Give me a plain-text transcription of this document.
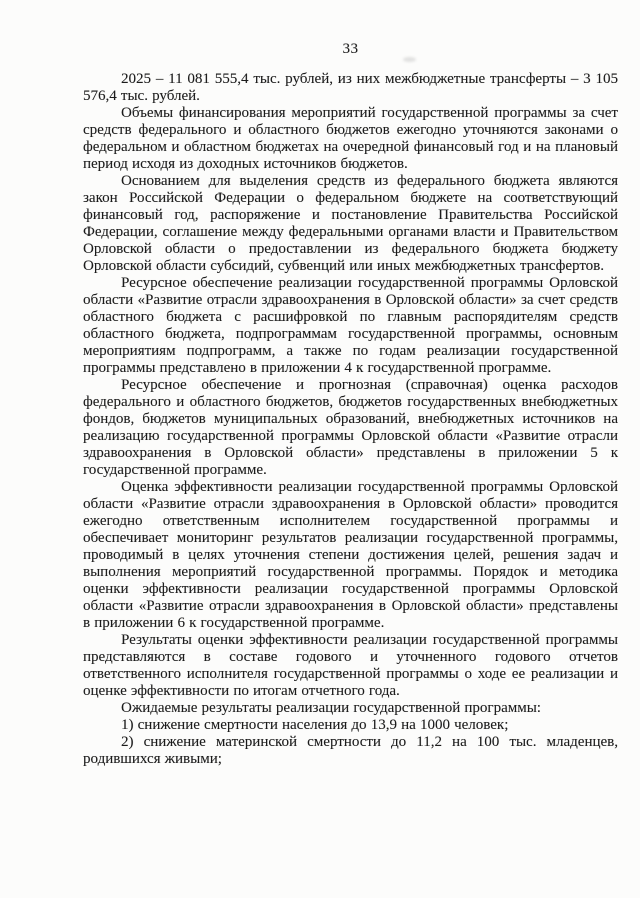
33

2025 – 11 081 555,4 тыс. рублей, из них межбюджетные трансферты – 3 105 576,4 тыс. рублей.

Объемы финансирования мероприятий государственной программы за счет средств федерального и областного бюджетов ежегодно уточняются законами о федеральном и областном бюджетах на очередной финансовый год и на плановый период исходя из доходных источников бюджетов.

Основанием для выделения средств из федерального бюджета являются закон Российской Федерации о федеральном бюджете на соответствующий финансовый год, распоряжение и постановление Правительства Российской Федерации, соглашение между федеральными органами власти и Правительством Орловской области о предоставлении из федерального бюджета бюджету Орловской области субсидий, субвенций или иных межбюджетных трансфертов.

Ресурсное обеспечение реализации государственной программы Орловской области «Развитие отрасли здравоохранения в Орловской области» за счет средств областного бюджета с расшифровкой по главным распорядителям средств областного бюджета, подпрограммам государственной программы, основным мероприятиям подпрограмм, а также по годам реализации государственной программы представлено в приложении 4 к государственной программе.

Ресурсное обеспечение и прогнозная (справочная) оценка расходов федерального и областного бюджетов, бюджетов государственных внебюджетных фондов, бюджетов муниципальных образований, внебюджетных источников на реализацию государственной программы Орловской области «Развитие отрасли здравоохранения в Орловской области» представлены в приложении 5 к государственной программе.

Оценка эффективности реализации государственной программы Орловской области «Развитие отрасли здравоохранения в Орловской области» проводится ежегодно ответственным исполнителем государственной программы и обеспечивает мониторинг результатов реализации государственной программы, проводимый в целях уточнения степени достижения целей, решения задач и выполнения мероприятий государственной программы. Порядок и методика оценки эффективности реализации государственной программы Орловской области «Развитие отрасли здравоохранения в Орловской области» представлены в приложении 6 к государственной программе.

Результаты оценки эффективности реализации государственной программы представляются в составе годового и уточненного годового отчетов ответственного исполнителя государственной программы о ходе ее реализации и оценке эффективности по итогам отчетного года.

Ожидаемые результаты реализации государственной программы:

1) снижение смертности населения до 13,9 на 1000 человек;

2) снижение материнской смертности до 11,2 на 100 тыс. младенцев, родившихся живыми;
